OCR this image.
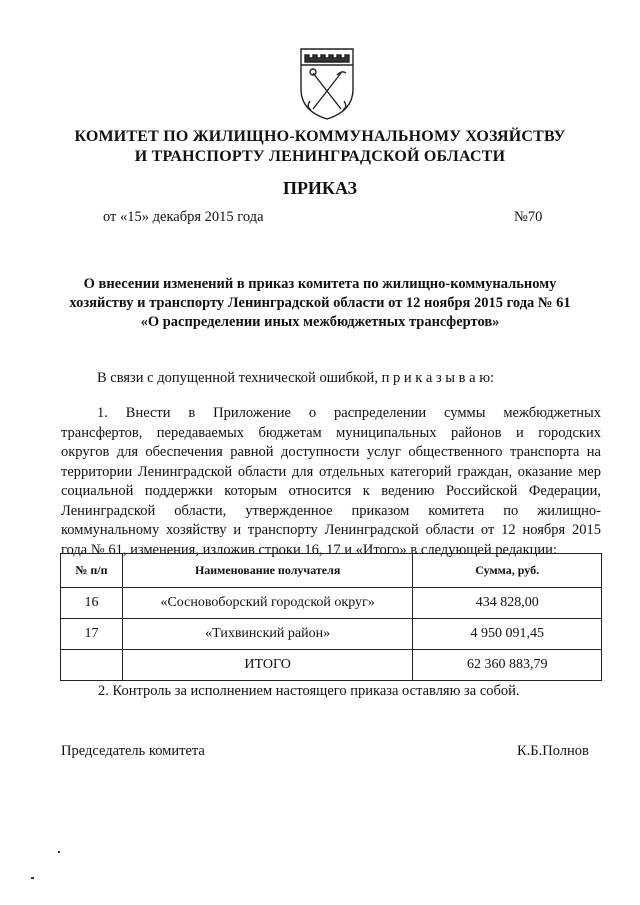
КОМИТЕТ ПО ЖИЛИЩНО-КОММУНАЛЬНОМУ ХОЗЯЙСТВУ
И ТРАНСПОРТУ ЛЕНИНГРАДСКОЙ ОБЛАСТИ
ПРИКАЗ
от «15» декабря 2015 года	№70
О внесении изменений в приказ комитета по жилищно-коммунальному
хозяйству и транспорту Ленинградской области от 12 ноября 2015 года № 61
«О распределении иных межбюджетных трансфертов»
В связи с допущенной технической ошибкой, п р и к а з ы в а ю:
1. Внести в Приложение о распределении суммы межбюджетных
трансфертов, передаваемых бюджетам муниципальных районов и городских
округов для обеспечения равной доступности услуг общественного транспорта на
территории Ленинградской области для отдельных категорий граждан, оказание мер
социальной поддержки которым относится к ведению Российской Федерации,
Ленинградской области, утвержденное приказом комитета по жилищно-
коммунальному хозяйству и транспорту Ленинградской области от 12 ноября 2015
года № 61, изменения, изложив строки 16, 17 и «Итого» в следующей редакции:
№ п/п	Наименование получателя	Сумма, руб.
16	«Сосновоборский городской округ»	434 828,00
17	«Тихвинский район»	4 950 091,45
	ИТОГО	62 360 883,79
2. Контроль за исполнением настоящего приказа оставляю за собой.
Председатель комитета	К.Б.Полнов
